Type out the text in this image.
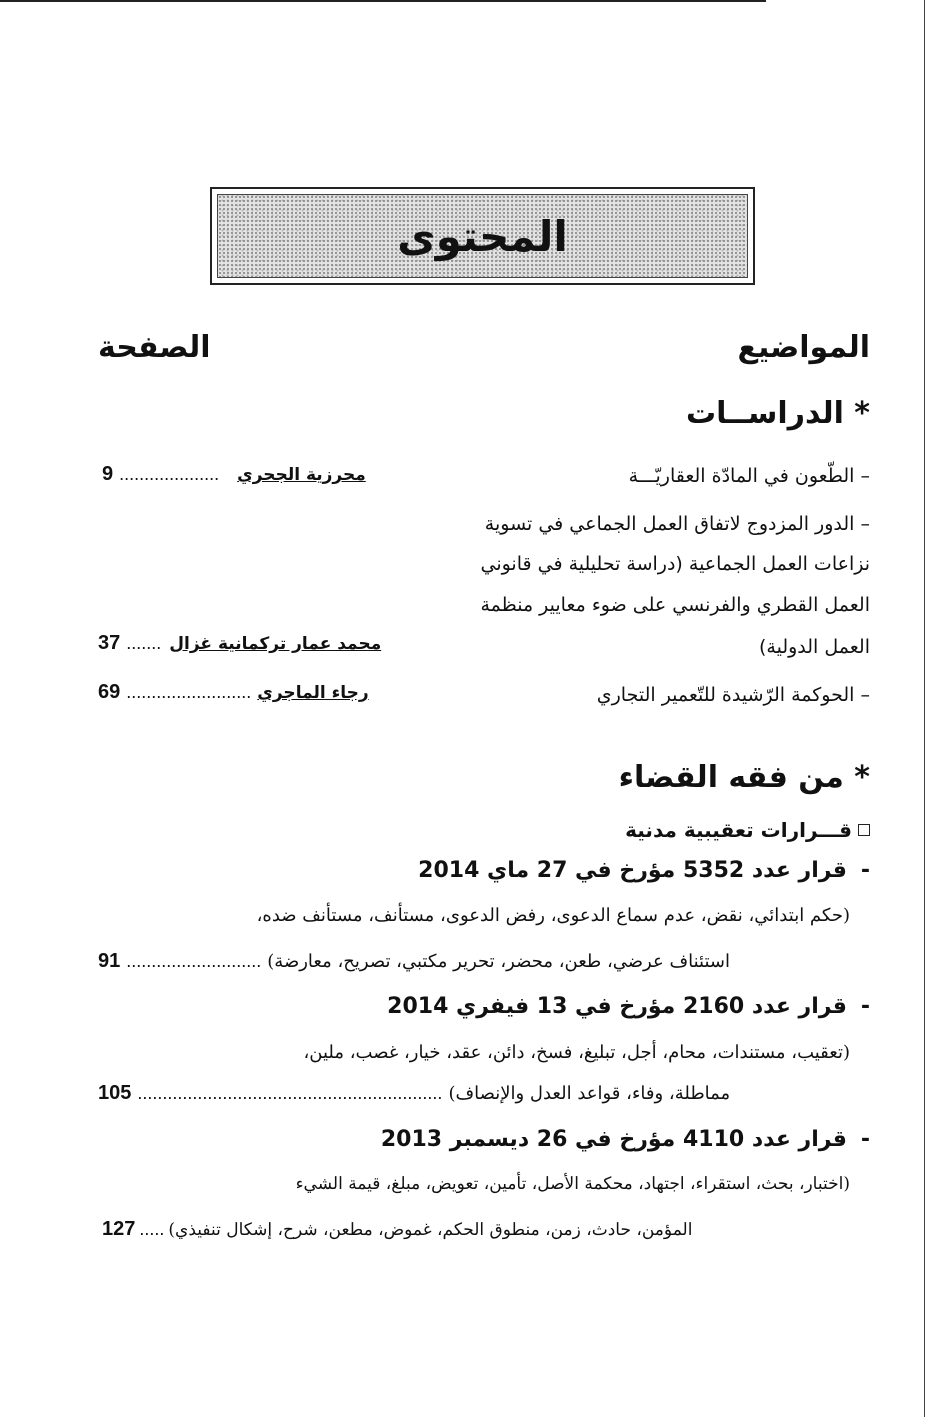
المحتوى
المواضيع
الصفحة
* الدراســات
– الطّعون في المادّة العقاريّـــة
9 .................... محرزية الجحري
– الدور المزدوج لاتفاق العمل الجماعي في تسوية
نزاعات العمل الجماعية (دراسة تحليلية في قانوني
العمل القطري والفرنسي على ضوء معايير منظمة
العمل الدولية)
37 ....... محمد عمار تركمانية غزال
– الحوكمة الرّشيدة للتّعمير التجاري
69 ......................... رجاء الماجري
* من فقه القضاء
قـــرارات تعقيبية مدنية
-قرار عدد 5352 مؤرخ في 27 ماي 2014
(حكم ابتدائي، نقض، عدم سماع الدعوى، رفض الدعوى، مستأنف، مستأنف ضده،
91 ........................... استئناف عرضي، طعن، محضر، تحرير مكتبي، تصريح، معارضة)
-قرار عدد 2160 مؤرخ في 13 فيفري 2014
(تعقيب، مستندات، محام، أجل، تبليغ، فسخ، دائن، عقد، خيار، غصب، ملين،
105 ............................................................. مماطلة، وفاء، قواعد العدل والإنصاف)
-قرار عدد 4110 مؤرخ في 26 ديسمبر 2013
(اختبار، بحث، استقراء، اجتهاد، محكمة الأصل، تأمين، تعويض، مبلغ، قيمة الشيء
127 ..... المؤمن، حادث، زمن، منطوق الحكم، غموض، مطعن، شرح، إشكال تنفيذي)
